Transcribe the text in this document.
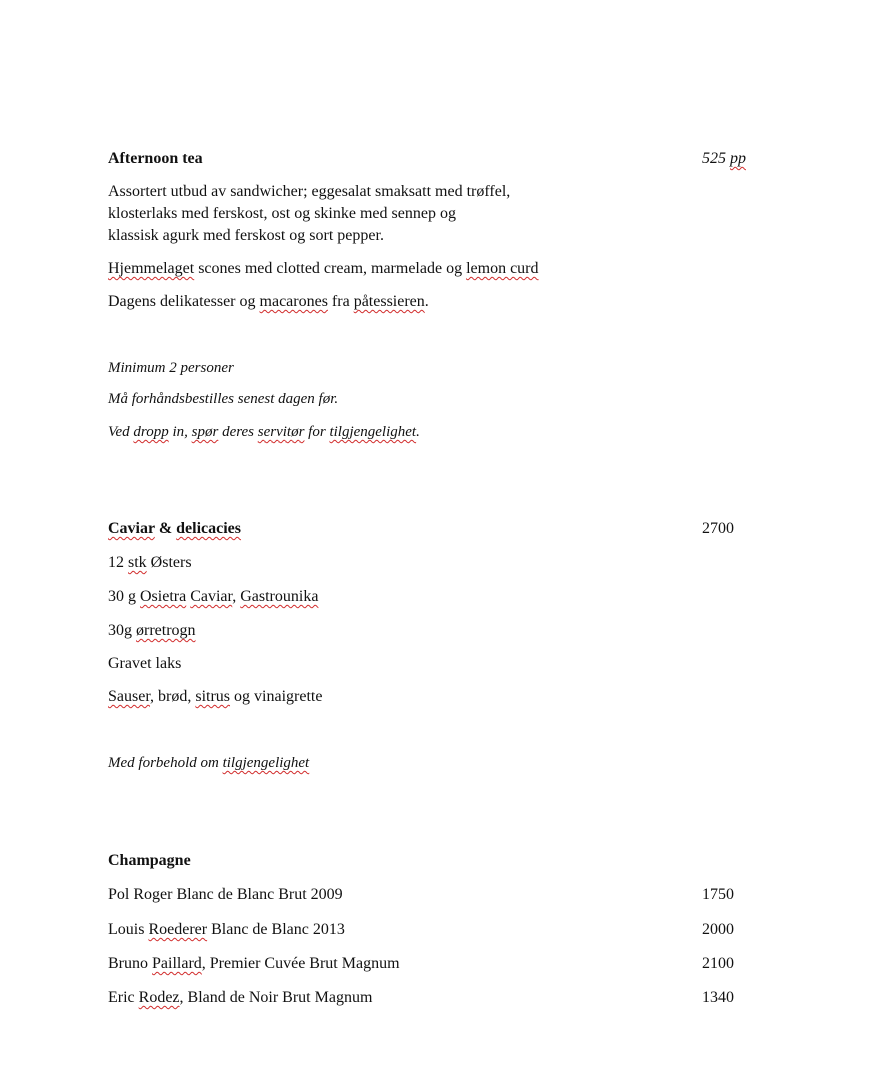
Afternoon tea	525 pp
Assortert utbud av sandwicher; eggesalat smaksatt med trøffel,
klosterlaks med ferskost, ost og skinke med sennep og
klassisk agurk med ferskost og sort pepper.
Hjemmelaget scones med clotted cream, marmelade og lemon curd
Dagens delikatesser og macarones fra påtessieren.
Minimum 2 personer
Må forhåndsbestilles senest dagen før.
Ved dropp in, spør deres servitør for tilgjengelighet.
Caviar & delicacies	2700
12 stk Østers
30 g Osietra Caviar, Gastrounika
30g ørretrogn
Gravet laks
Sauser, brød, sitrus og vinaigrette
Med forbehold om tilgjengelighet
Champagne
Pol Roger Blanc de Blanc Brut 2009	1750
Louis Roederer Blanc de Blanc 2013	2000
Bruno Paillard, Premier Cuvée Brut Magnum	2100
Eric Rodez, Bland de Noir Brut Magnum	1340
